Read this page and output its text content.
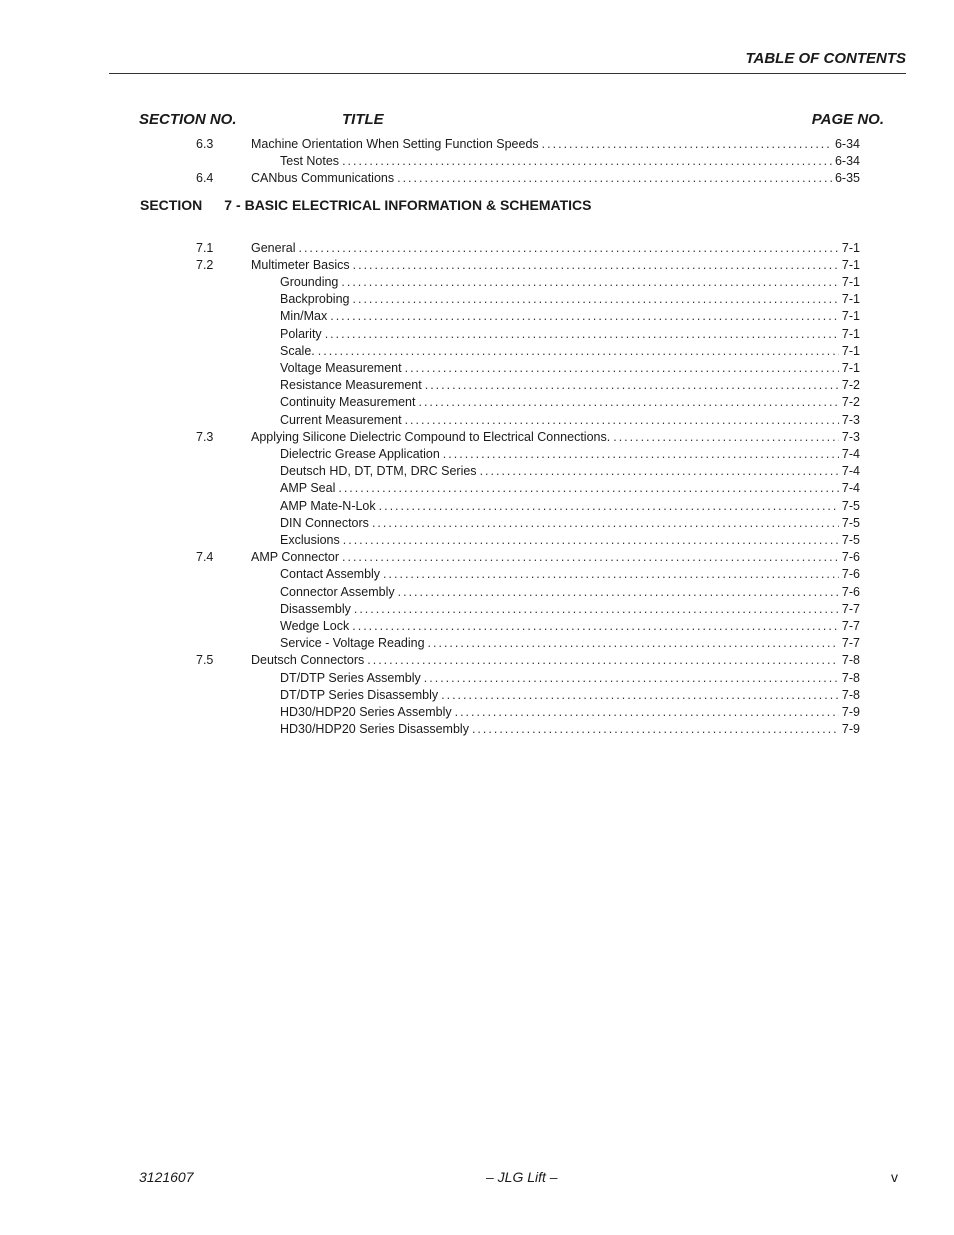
TABLE OF CONTENTS
SECTION NO.	TITLE	PAGE NO.
SECTION 7 - BASIC ELECTRICAL INFORMATION & SCHEMATICS
6.3	Machine Orientation When Setting Function Speeds .....	6-34
Test Notes .....	6-34
6.4	CANbus Communications .....	6-35
7.1	General .....	7-1
7.2	Multimeter Basics .....	7-1
Grounding .....	7-1
Backprobing .....	7-1
Min/Max .....	7-1
Polarity .....	7-1
Scale. .....	7-1
Voltage Measurement .....	7-1
Resistance Measurement .....	7-2
Continuity Measurement .....	7-2
Current Measurement .....	7-3
7.3	Applying Silicone Dielectric Compound to Electrical Connections. .....	7-3
Dielectric Grease Application .....	7-4
Deutsch HD, DT, DTM, DRC Series .....	7-4
AMP Seal .....	7-4
AMP Mate-N-Lok .....	7-5
DIN Connectors .....	7-5
Exclusions .....	7-5
7.4	AMP Connector .....	7-6
Contact Assembly .....	7-6
Connector Assembly .....	7-6
Disassembly .....	7-7
Wedge Lock .....	7-7
Service - Voltage Reading .....	7-7
7.5	Deutsch Connectors .....	7-8
DT/DTP Series Assembly .....	7-8
DT/DTP Series Disassembly .....	7-8
HD30/HDP20 Series Assembly .....	7-9
HD30/HDP20 Series Disassembly .....	7-9
3121607	– JLG Lift –	v
